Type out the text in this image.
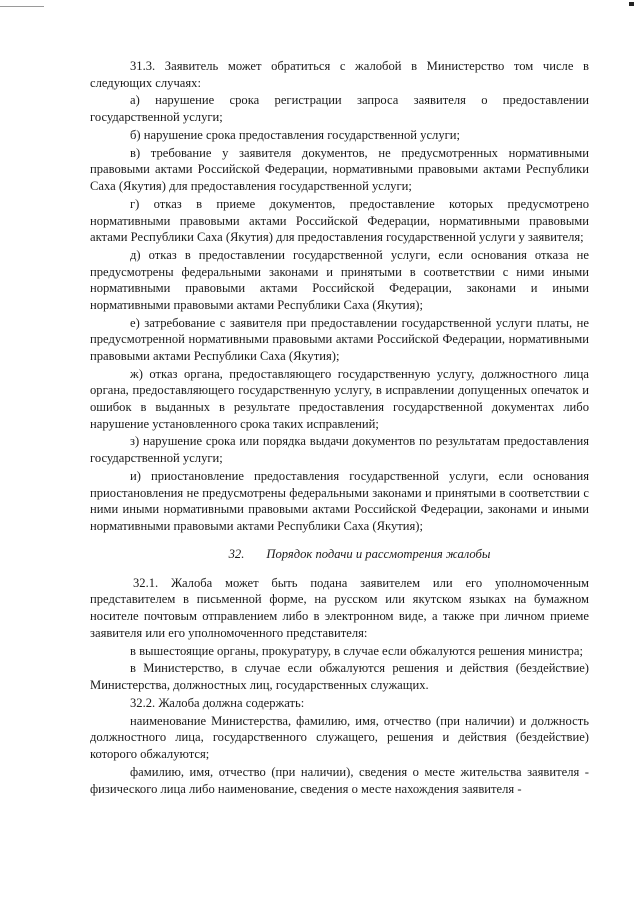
31.3. Заявитель может обратиться с жалобой в Министерство том числе в следующих случаях:

а) нарушение срока регистрации запроса заявителя о предоставлении государственной услуги;

б) нарушение срока предоставления государственной услуги;

в) требование у заявителя документов, не предусмотренных нормативными правовыми актами Российской Федерации, нормативными правовыми актами Республики Саха (Якутия) для предоставления государственной услуги;

г) отказ в приеме документов, предоставление которых предусмотрено нормативными правовыми актами Российской Федерации, нормативными правовыми актами Республики Саха (Якутия) для предоставления государственной услуги у заявителя;

д) отказ в предоставлении государственной услуги, если основания отказа не предусмотрены федеральными законами и принятыми в соответствии с ними иными нормативными правовыми актами Российской Федерации, законами и иными нормативными правовыми актами Республики Саха (Якутия);

е) затребование с заявителя при предоставлении государственной услуги платы, не предусмотренной нормативными правовыми актами Российской Федерации, нормативными правовыми актами Республики Саха (Якутия);

ж) отказ органа, предоставляющего государственную услугу, должностного лица органа, предоставляющего государственную услугу, в исправлении допущенных опечаток и ошибок в выданных в результате предоставления государственной документах либо нарушение установленного срока таких исправлений;

з) нарушение срока или порядка выдачи документов по результатам предоставления государственной услуги;

и) приостановление предоставления государственной услуги, если основания приостановления не предусмотрены федеральными законами и принятыми в соответствии с ними иными нормативными правовыми актами Российской Федерации, законами и иными нормативными правовыми актами Республики Саха (Якутия);

32. Порядок подачи и рассмотрения жалобы

32.1. Жалоба может быть подана заявителем или его уполномоченным представителем в письменной форме, на русском или якутском языках на бумажном носителе почтовым отправлением либо в электронном виде, а также при личном приеме заявителя или его уполномоченного представителя:

в вышестоящие органы, прокуратуру, в случае если обжалуются решения министра;

в Министерство, в случае если обжалуются решения и действия (бездействие) Министерства, должностных лиц, государственных служащих.

32.2. Жалоба должна содержать:

наименование Министерства, фамилию, имя, отчество (при наличии) и должность должностного лица, государственного служащего, решения и действия (бездействие) которого обжалуются;

фамилию, имя, отчество (при наличии), сведения о месте жительства заявителя - физического лица либо наименование, сведения о месте нахождения заявителя -
